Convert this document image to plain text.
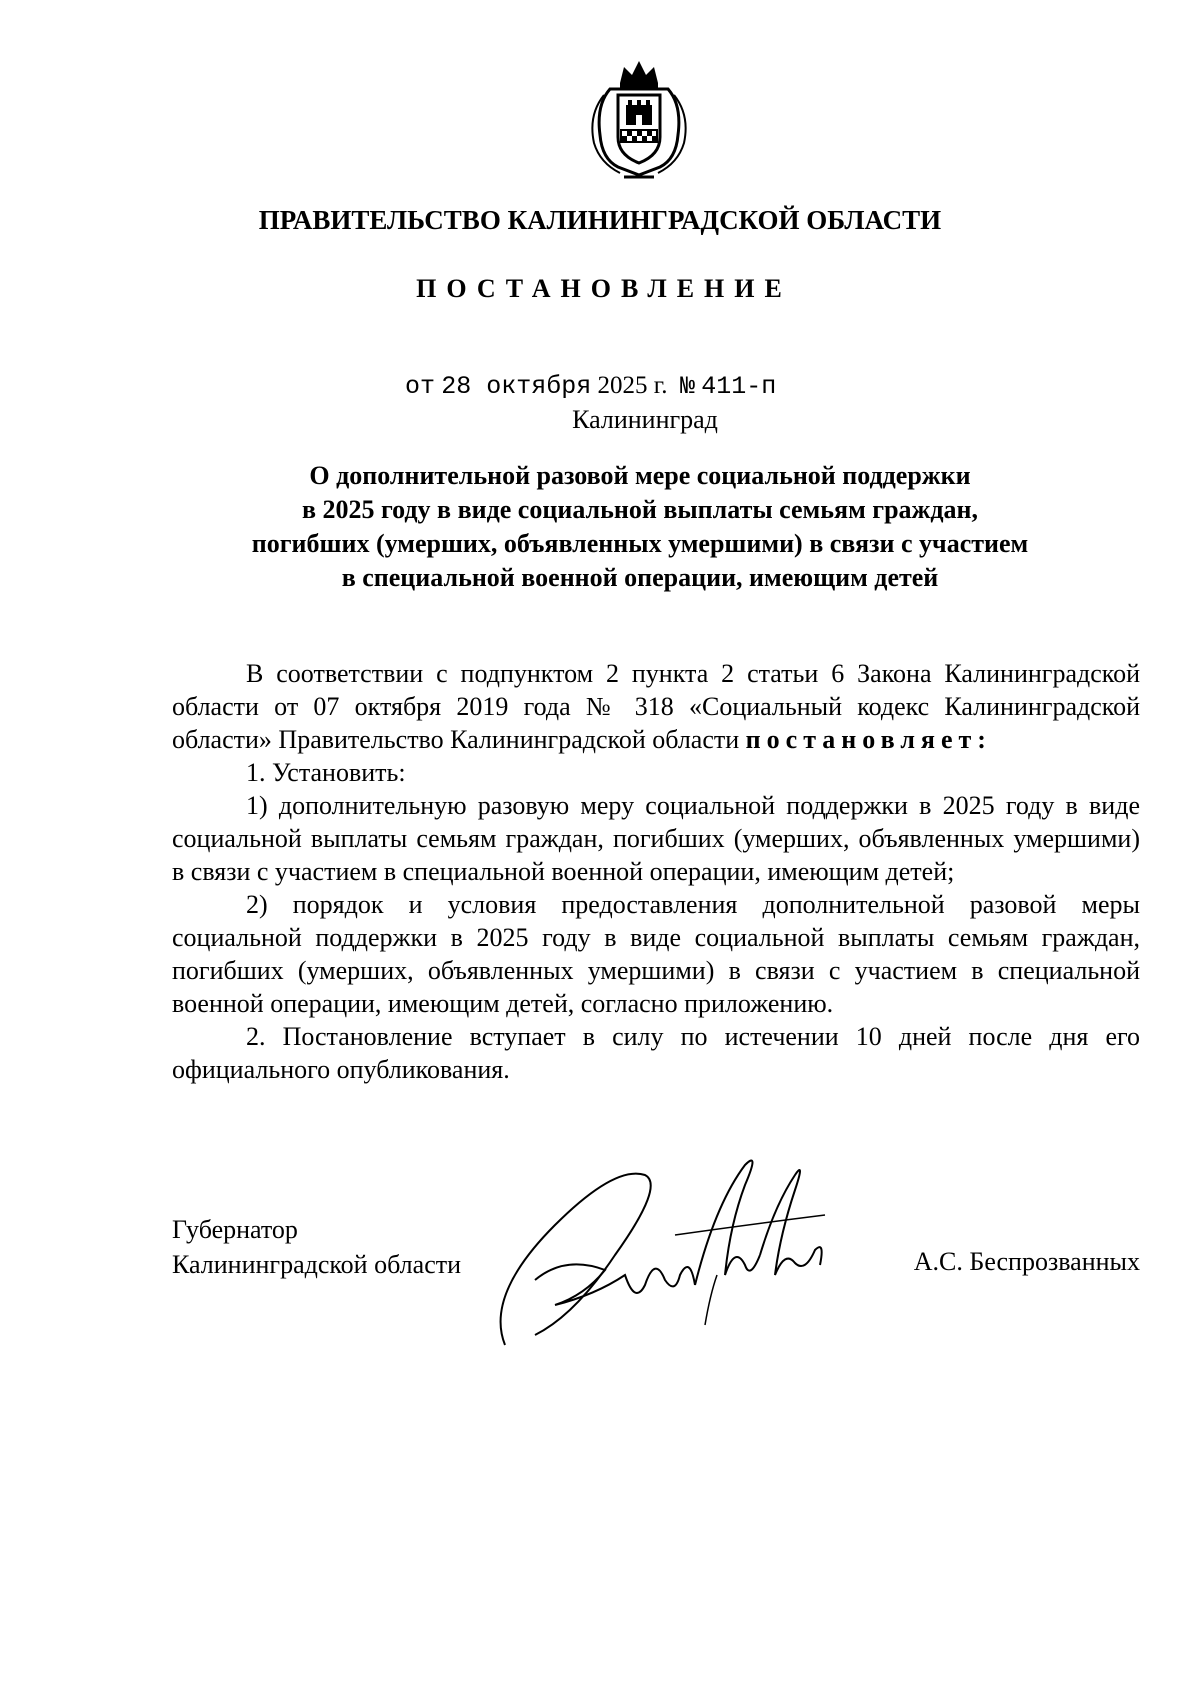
ПРАВИТЕЛЬСТВО КАЛИНИНГРАДСКОЙ ОБЛАСТИ
ПОСТАНОВЛЕНИЕ
от 28 октября 2025 г. № 411-п
Калининград
О дополнительной разовой мере социальной поддержки
в 2025 году в виде социальной выплаты семьям граждан,
погибших (умерших, объявленных умершими) в связи с участием
в специальной военной операции, имеющим детей

В соответствии с подпунктом 2 пункта 2 статьи 6 Закона Калининградской области от 07 октября 2019 года № 318 «Социальный кодекс Калининградской области» Правительство Калининградской области постановляет:

1. Установить:

1) дополнительную разовую меру социальной поддержки в 2025 году в виде социальной выплаты семьям граждан, погибших (умерших, объявленных умершими) в связи с участием в специальной военной операции, имеющим детей;

2) порядок и условия предоставления дополнительной разовой меры социальной поддержки в 2025 году в виде социальной выплаты семьям граждан, погибших (умерших, объявленных умершими) в связи с участием в специальной военной операции, имеющим детей, согласно приложению.

2. Постановление вступает в силу по истечении 10 дней после дня его официального опубликования.

Губернатор
Калининградской области	А.С. Беспрозванных
